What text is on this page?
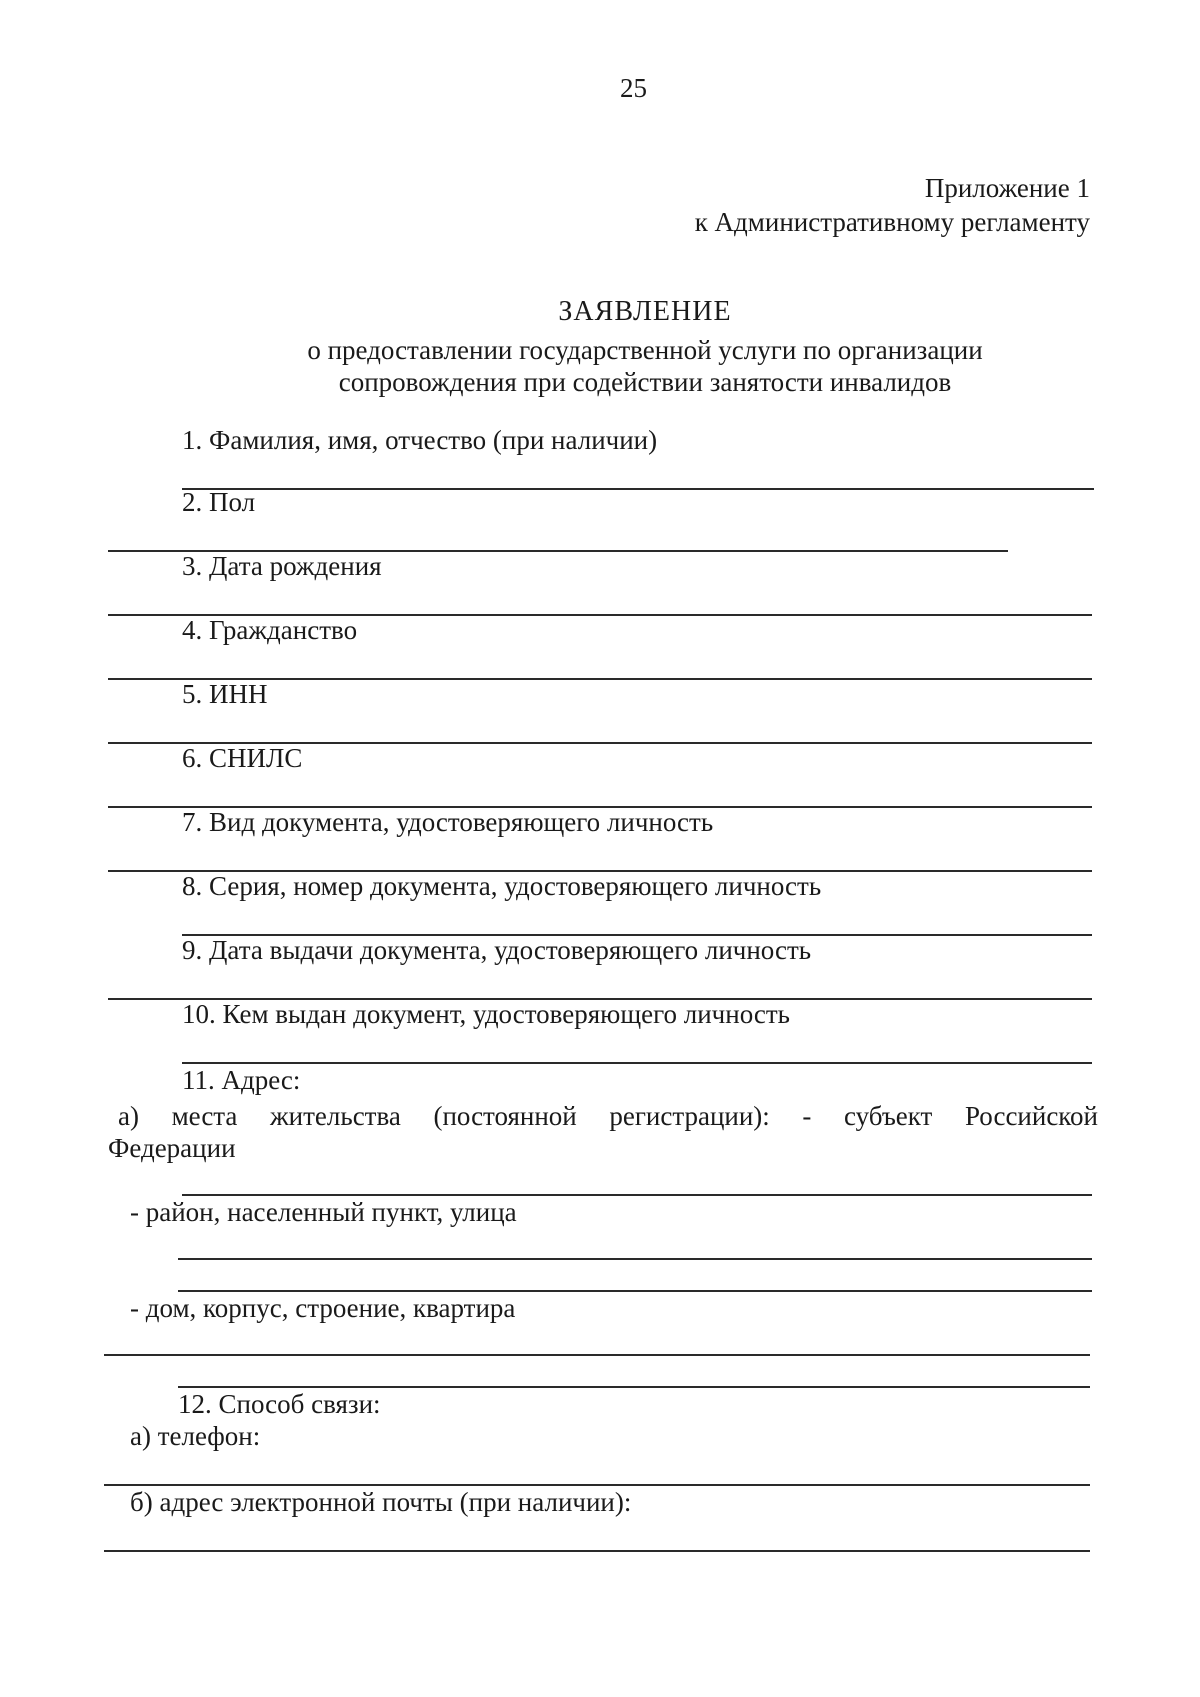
25
Приложение 1
к Административному регламенту
ЗАЯВЛЕНИЕ
о предоставлении государственной услуги по организации
сопровождения при содействии занятости инвалидов
1. Фамилия, имя, отчество (при наличии)
2. Пол
3. Дата рождения
4. Гражданство
5. ИНН
6. СНИЛС
7. Вид документа, удостоверяющего личность
8. Серия, номер документа, удостоверяющего личность
9. Дата выдачи документа, удостоверяющего личность
10. Кем выдан документ, удостоверяющего личность
11. Адрес:
а) места жительства (постоянной регистрации): - субъект Российской
Федерации
- район, населенный пункт, улица
- дом, корпус, строение, квартира
12. Способ связи:
а) телефон:
б) адрес электронной почты (при наличии):
